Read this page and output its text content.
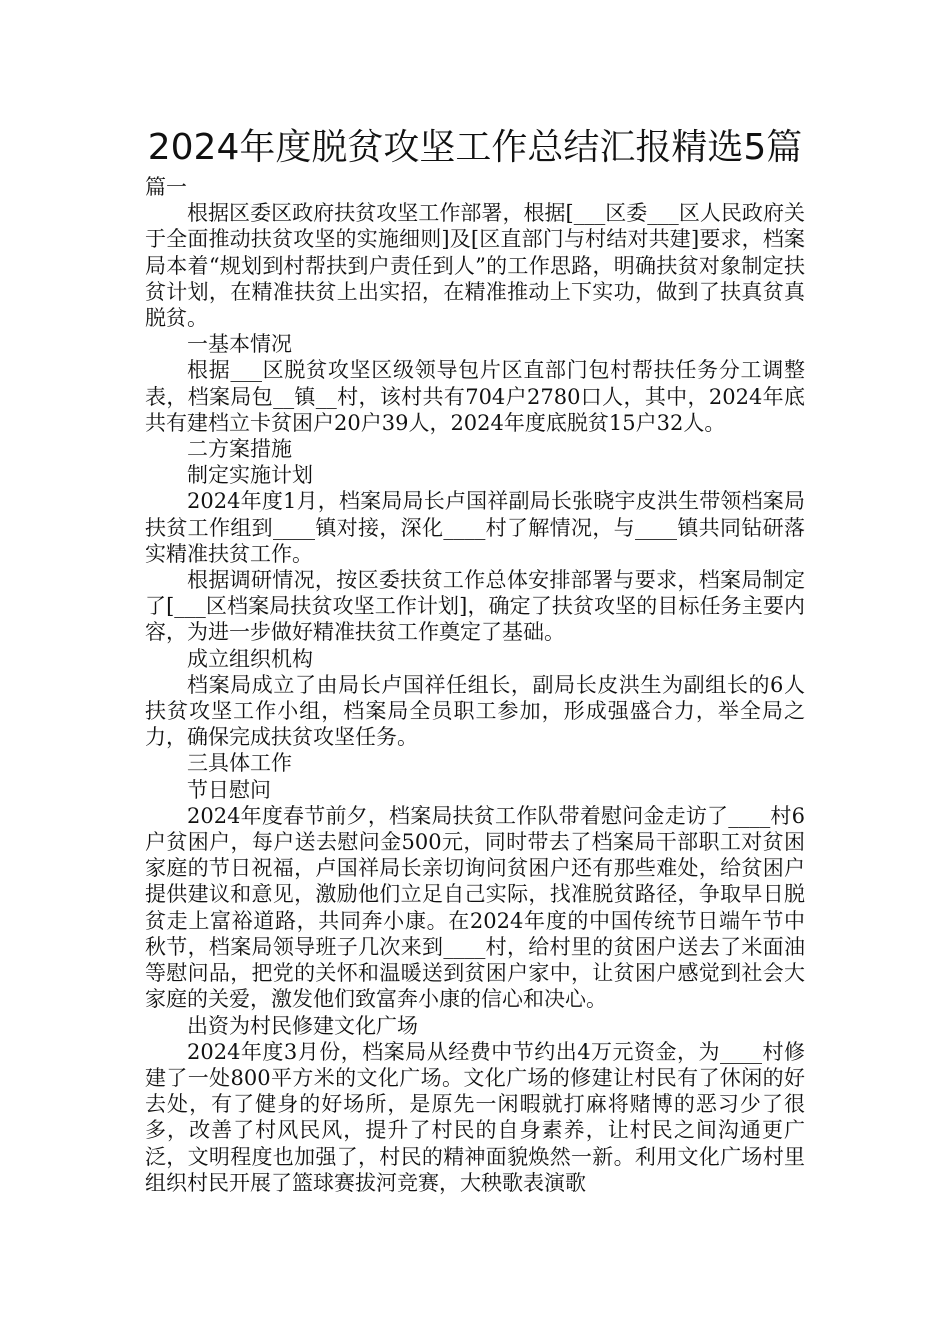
2024年度脱贫攻坚工作总结汇报精选5篇

篇一

根据区委区政府扶贫攻坚工作部署，根据[___区委___区人民政府关于全面推动扶贫攻坚的实施细则]及[区直部门与村结对共建]要求，档案局本着“规划到村帮扶到户责任到人”的工作思路，明确扶贫对象制定扶贫计划，在精准扶贫上出实招，在精准推动上下实功，做到了扶真贫真脱贫。

一基本情况

根据___区脱贫攻坚区级领导包片区直部门包村帮扶任务分工调整表，档案局包__镇__村，该村共有704户2780口人，其中，2024年底共有建档立卡贫困户20户39人，2024年度底脱贫15户32人。

二方案措施

制定实施计划

2024年度1月，档案局局长卢国祥副局长张晓宇皮洪生带领档案局扶贫工作组到____镇对接，深化____村了解情况，与____镇共同钻研落实精准扶贫工作。

根据调研情况，按区委扶贫工作总体安排部署与要求，档案局制定了[___区档案局扶贫攻坚工作计划]，确定了扶贫攻坚的目标任务主要内容，为进一步做好精准扶贫工作奠定了基础。

成立组织机构

档案局成立了由局长卢国祥任组长，副局长皮洪生为副组长的6人扶贫攻坚工作小组，档案局全员职工参加，形成强盛合力，举全局之力，确保完成扶贫攻坚任务。

三具体工作

节日慰问

2024年度春节前夕，档案局扶贫工作队带着慰问金走访了____村6户贫困户，每户送去慰问金500元，同时带去了档案局干部职工对贫困家庭的节日祝福，卢国祥局长亲切询问贫困户还有那些难处，给贫困户提供建议和意见，激励他们立足自己实际，找准脱贫路径，争取早日脱贫走上富裕道路，共同奔小康。在2024年度的中国传统节日端午节中秋节，档案局领导班子几次来到____村，给村里的贫困户送去了米面油等慰问品，把党的关怀和温暖送到贫困户家中，让贫困户感觉到社会大家庭的关爱，激发他们致富奔小康的信心和决心。

出资为村民修建文化广场

2024年度3月份，档案局从经费中节约出4万元资金，为____村修建了一处800平方米的文化广场。文化广场的修建让村民有了休闲的好去处，有了健身的好场所，是原先一闲暇就打麻将赌博的恶习少了很多，改善了村风民风，提升了村民的自身素养，让村民之间沟通更广泛，文明程度也加强了，村民的精神面貌焕然一新。利用文化广场村里组织村民开展了篮球赛拔河竞赛，大秧歌表演歌
